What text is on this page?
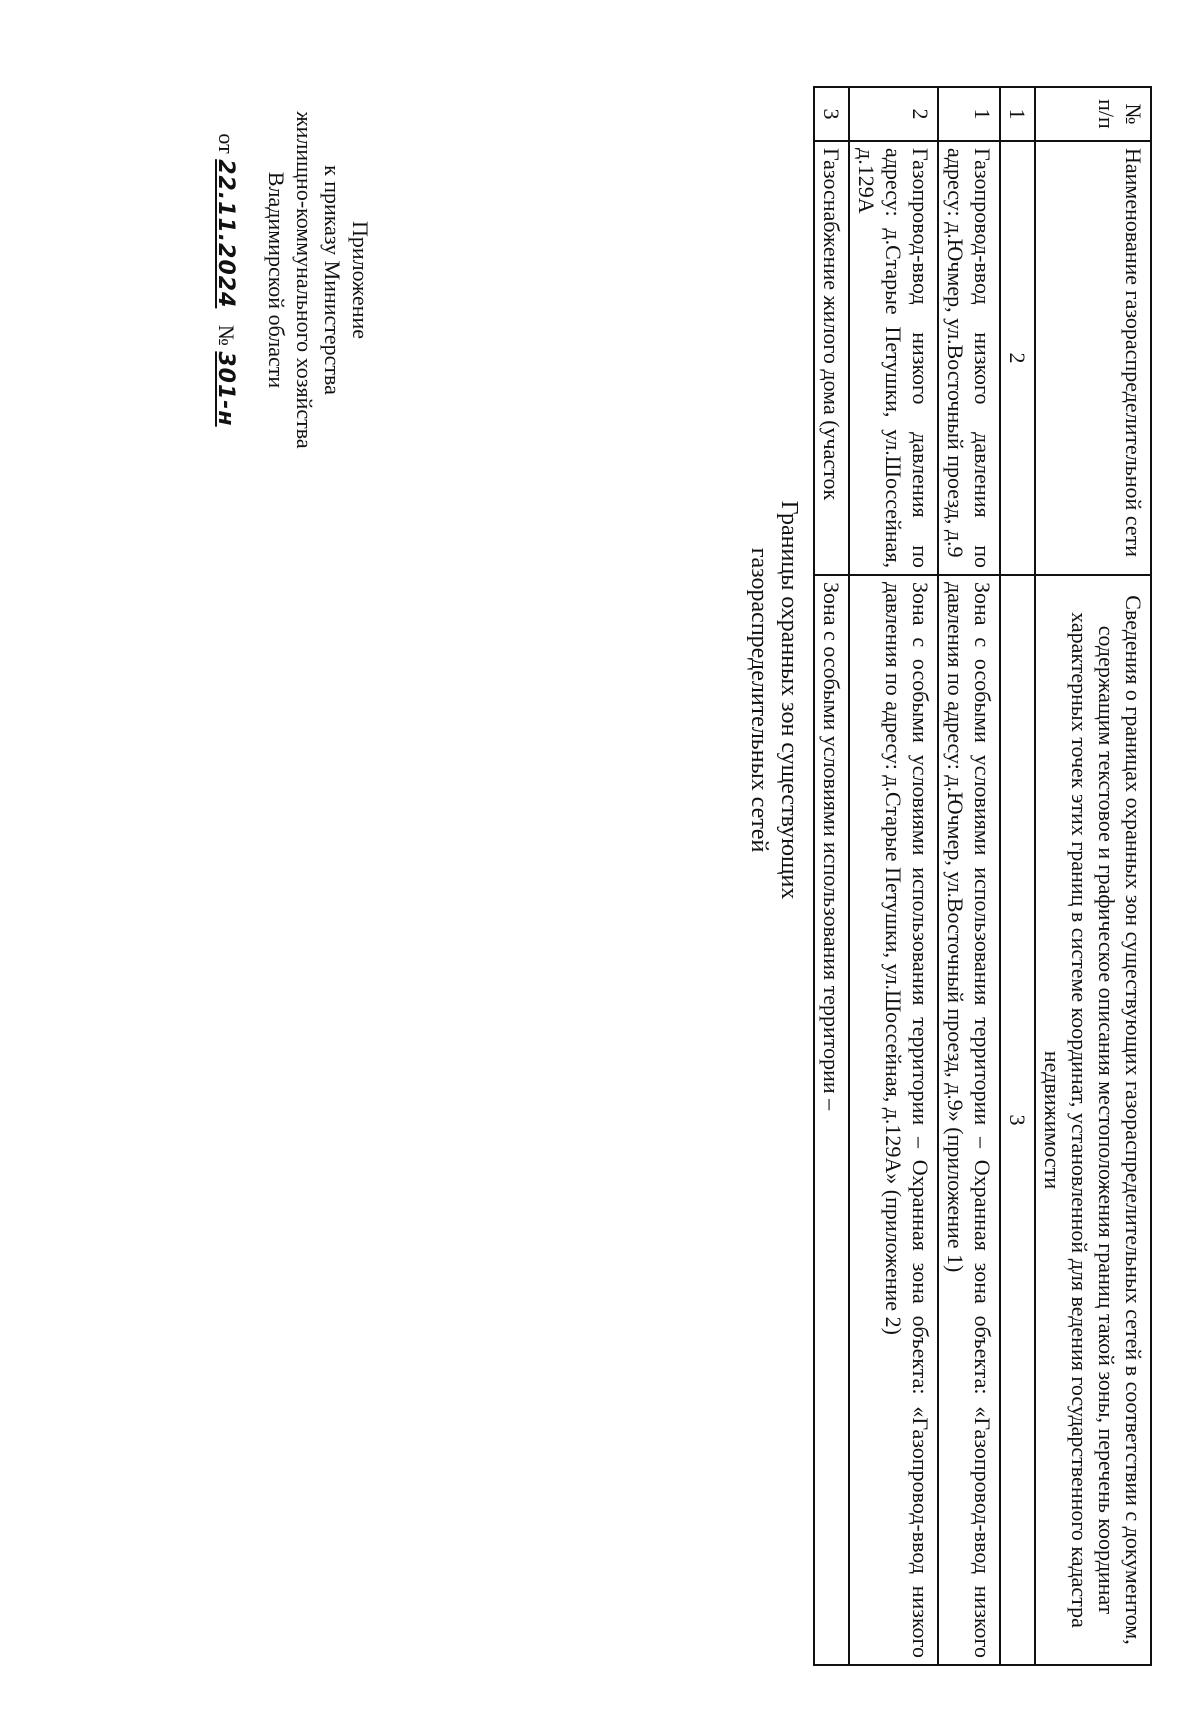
Приложение
к приказу Министерства
жилищно-коммунального хозяйства
Владимирской области
от 22.11.2024   № 301-н
Границы охранных зон существующих
газораспределительных сетей
№ п/п	Наименование газораспределительной сети	Сведения о границах охранных зон существующих газораспределительных сетей в соответствии с документом, содержащим текстовое и графическое описания местоположения границ такой зоны, перечень координат характерных точек этих границ в системе координат, установленной для ведения государственного кадастра недвижимости
1	2	3
1	Газопровод-ввод низкого давления по адресу: д.Ючмер, ул.Восточный проезд, д.9	Зона с особыми условиями использования территории – Охранная зона объекта: «Газопровод-ввод низкого давления по адресу: д.Ючмер, ул.Восточный проезд, д.9» (приложение 1)
2	Газопровод-ввод низкого давления по адресу: д.Старые Петушки, ул.Шоссейная, д.129А	Зона с особыми условиями использования территории – Охранная зона объекта: «Газопровод-ввод низкого давления по адресу: д.Старые Петушки, ул.Шоссейная, д.129А» (приложение 2)
3	Газоснабжение жилого дома (участок	Зона с особыми условиями использования территории –
